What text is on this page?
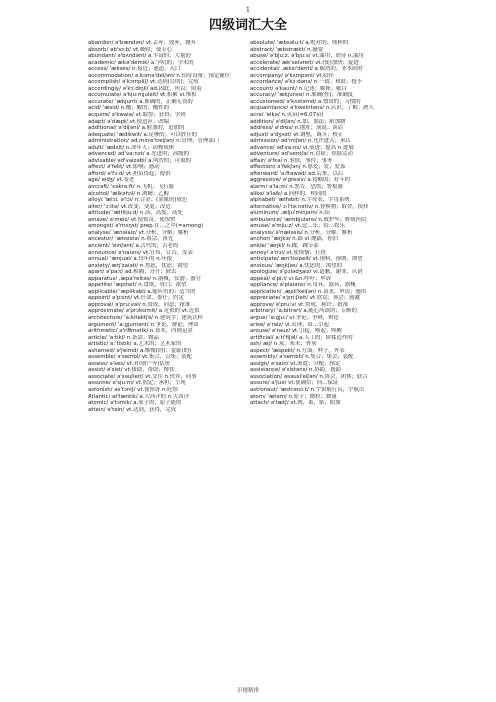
1
四级词汇大全
abandon/ ə'bændən/ vt.丢弃；放弃，抛弃	absolute/ 'æbsəlu:t/ a.绝对的；纯粹的
absorb/ əb'sɔ:b/ vt.吸收；使专心	abstract/ 'æbstrækt/ n.摘要
abundant/ ə'bʌndənt/ a.丰富的；大量的	abuse/ ə'bju:z, ə'bju:s/ vt.滥用；虐待 n.滥用
academic/ ækə'demik/ a.学院的；学术的	accelerate/ æk'seləreit/ vt.(使)加快；促进
access/ 'ækses/ n.接近；通道，入口	accidental/ ,æksi'dentl/ a.偶然的；非本质的
accommodation/ ə,kɔmə'deiʃən/ n.招待设备；预定铺位	accompany/ ə'kʌmpəni/ vt.陪伴
accomplish/ ə'kɔmpliʃ/ vt.达到(目的)；完成	accordance/ ə'kɔ:dəns/ n.一致；和谐；授予
accordingly/ ə'kɔ:diŋli/ ad.因此，所以；照着	account/ ə'kaunt/ n.记述；解释；帐目
accumulate/ ə'kju:mjuleit/ vt.积累 vi.堆积	accuracy/ 'ækjurəsi/ n.准确(性)；准确度
accurate/ 'ækjurit/ a.准确的，正确无误的	accustomed/ ə'kʌstəmd/ a.惯常的；习惯的
acid/ 'æsid/ n.酸；酸的；酸性的	acquaintance/ ə'kweintəns/ n.认识；了解；熟人
acquire/ ə'kwaiə/ vt.取得；获得；学到	acre/ 'eikə/ n.英亩(=6.07亩)
adapt/ ə'dæpt/ vt.使适应；改编	addition/ ə'diʃən/ n.加，加法；附加物
additional/ ə'diʃənl/ a.附加的，追加的	address/ ə'dres/ n.地址；演说；谈话
adequate/ 'ædikwit/ a.足够的；可以胜任的	adjust/ ə'dʒʌst/ vt.调整，调节；校正
administration/ əd,minis'treiʃən/ n.管理；管理部门	admission/ əd'miʃən/ n.允许进入；承认
adult/ 'ædʌlt/ n.成年人；动物成体	advance/ əd'va:ns/ vi.前进；提高 n.进展
advanced/ əd'va:nst/ a.先进的；高级的	adventure/ əd'ventʃə/ n.冒险；惊险活动
advisable/ əd'vaizəbl/ a.明智的；可取的	affair/ ə'fɛə/ n.事情，事件；事务
affect/ ə'fekt/ vt.影响；感动	affection/ ə'fekʃən/ n.慈爱；爱；爱慕
afford/ ə'fɔ:d/ vt.担负得起；提供	afterward/ 'a:ftəwəd/ ad.后来，以后
age/ eidʒ/ vt.变老	aggressive/ ə'gresiv/ a.侵略的；好斗的
aircraft/ 'ɛəkra:ft/ n.飞机，飞行器	alarm/ ə'la:m/ n.警告，恐慌；警报器
alcohol/ 'ælkəhɔl/ n.酒精；乙醇	alike/ ə'laik/ a.同样的，相同的
alloy/ 'ælɔi, ə'lɔi/ n.合金；(金属的)成色	alphabet/ 'ælfəbit/ n.字母表，字母系统
alter/ 'ɔ:ltə/ vt.改变；变更；改造	alternative/ ɔ:l'tə:nətiv/ n.替换物；取舍，抉择
altitude/ 'æltitju:d/ n.高，高度；高处	aluminum/ ,ælju'minjəm/ n.铝
amaze/ ə'meiz/ vt.使惊奇，使惊愕	ambulance/ 'æmbjuləns/ n.救护车；野战医院
amongst/ ə'mʌŋst/ prep.在…之中(=among)	amuse/ ə'mju:z/ vt.逗…乐；给…娱乐
analyse/ 'ænəlaiz/ vt.分析，分解；解析	analysis/ ə'næləsis/ n.分析，分解，解析
ancestor/ 'ænsistə/ n.祖宗，祖先	anchor/ 'æŋkə/ n.锚 vi.抛锚，停泊
ancient/ 'einʃənt/ a.古代的，古老的	ankle/ 'æŋkl/ n.踝，踝节部
announce/ ə'nauns/ vt.宣布，宣告，发表	annoy/ ə'nɔi/ vt.使烦恼；打扰
annual/ 'ænjuəl/ a.每年的 n.年报	anticipate/ æn'tisipeit/ vt.预料，预期，期望
anxiety/ æŋ'zaiəti/ n.焦虑，忧虑；渴望	anxious/ 'æŋkʃəs/ a.忧虑的；渴望的
apart/ ə'pa:t/ ad.相隔；分开；除去	apologize/ ə'pɔlədʒaiz/ vi.道歉，谢罪，认错
apparatus/ ,æpə'reitəs/ n.器械，仪器；器官	appeal/ ə'pi:l/ vi.&n.呼吁；申诉
appetite/ 'æpitait/ n.食欲，胃口；欲望	appliance/ ə'plaiəns/ n.用具，器具，器械
applicable/ 'æplikəbl/ a.能应用的；适当的	application/ ,æpli'keiʃən/ n.请求，申请；施用
appoint/ ə'pɔint/ vt.任命，委任；约定	appreciate/ ə'pri:ʃieit/ vt.欣赏；领会；感激
approval/ ə'pru:vəl/ n.赞成，同意；批准	approve/ ə'pru:v/ vt.赞成，称许；批准
approximate/ ə'prɔksimit/ a.近似的 vt.近似	arbitrary/ 'a:bitrəri/ a.随心所欲的；专断的
architecture/ 'a:kitektʃə/ n.建筑学；建筑式样	argue/ 'a:gju:/ vi.争论，争辩，辩论
argument/ 'a:gjumənt/ n.争论，辩论；理由	arise/ ə'raiz/ vi.出现；由…引起
arithmetic/ ə'riθmətik/ n.算术，四则运算	arouse/ ə'rauz/ vt.引起，唤起；唤醒
article/ 'a:tikl/ n.条款；物品	artificial/ a:ti'fiʃəl/ a.人工的；矫揉造作的
artistic/ a:'tistik/ a.艺术的；艺术家的	ash/ æʃ/ n.灰，灰末；骨灰
ashamed/ ə'ʃeimd/ a.惭愧(的)；羞耻(的)	aspect/ 'æspekt/ n.方面；样子，外表
assemble/ ə'sembl/ vt.集合，召集；装配	assembly/ ə'sembli/ n.集合；集会；装配
assess/ ə'ses/ vt.对(财产等)估价	assign/ ə'sain/ vt.派遣；分配；指定
assist/ ə'sist/ vt.援助，帮助；搀扶	assistance/ ə'sistəns/ n.协助，援助
associate/ ə'səuʃieit/ vt.交往 n.伙伴，同事	association/ əsəusi'eiʃən/ n.协会，团体；联合
assume/ ə'sju:m/ vt.假定；承担；呈现	assure/ ə'ʃuə/ vt.使确信；向…保证
astonish/ əs'tɔniʃ/ vt.使惊讶 n.吃惊	astronaut/ 'æstrənɔ:t/ n.宇宙航行员，宇航员
Atlantic/ ət'læntik/ a.大西洋的 n.大西洋	atom/ 'ætəm/ n.原子；微粒；微量
atomic/ ə'tɔmik/ a.原子的；原子能的	attach/ ə'tætʃ/ vt.缚，系，贴；附加
attain/ ə'tein/ vt.达到，获得，完成
识楼精排
